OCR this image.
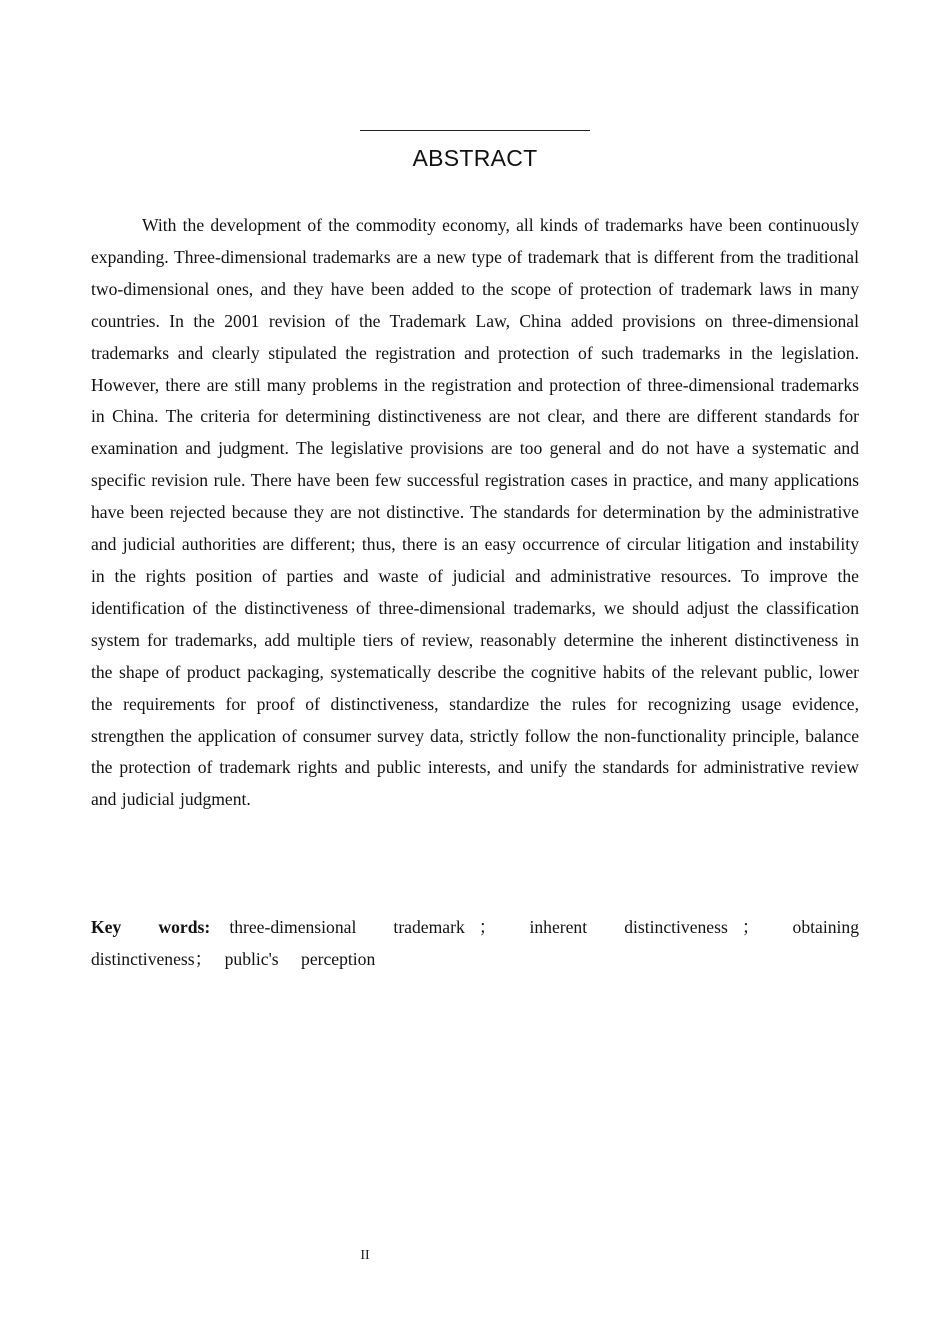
ABSTRACT

With the development of the commodity economy, all kinds of trademarks have been continuously expanding. Three-dimensional trademarks are a new type of trademark that is different from the traditional two-dimensional ones, and they have been added to the scope of protection of trademark laws in many countries. In the 2001 revision of the Trademark Law, China added provisions on three-dimensional trademarks and clearly stipulated the registration and protection of such trademarks in the legislation. However, there are still many problems in the registration and protection of three-dimensional trademarks in China. The criteria for determining distinctiveness are not clear, and there are different standards for examination and judgment. The legislative provisions are too general and do not have a systematic and specific revision rule. There have been few successful registration cases in practice, and many applications have been rejected because they are not distinctive. The standards for determination by the administrative and judicial authorities are different; thus, there is an easy occurrence of circular litigation and instability in the rights position of parties and waste of judicial and administrative resources. To improve the identification of the distinctiveness of three-dimensional trademarks, we should adjust the classification system for trademarks, add multiple tiers of review, reasonably determine the inherent distinctiveness in the shape of product packaging, systematically describe the cognitive habits of the relevant public, lower the requirements for proof of distinctiveness, standardize the rules for recognizing usage evidence, strengthen the application of consumer survey data, strictly follow the non-functionality principle, balance the protection of trademark rights and public interests, and unify the standards for administrative review and judicial judgment.

Key words: three-dimensional trademark ； inherent distinctiveness ； obtaining distinctiveness； public's perception

II
